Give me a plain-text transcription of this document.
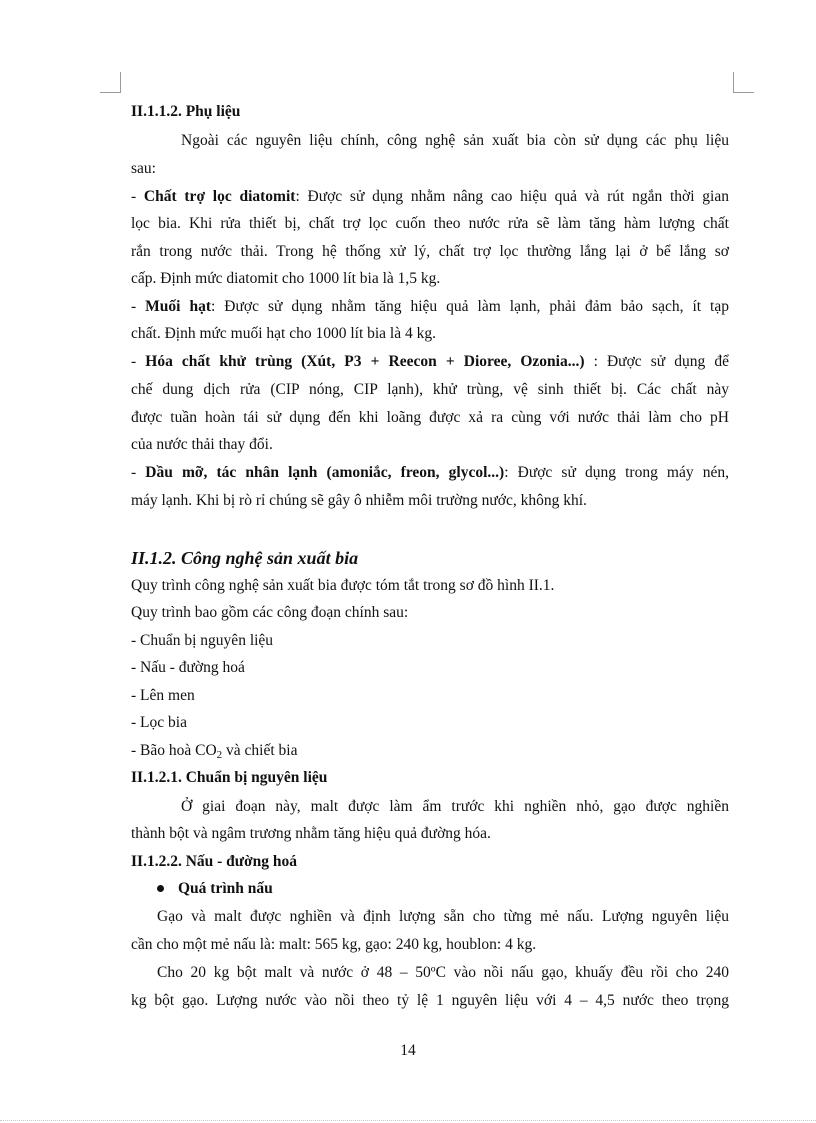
II.1.1.2. Phụ liệu
Ngoài các nguyên liệu chính, công nghệ sản xuất bia còn sử dụng các phụ liệu
sau:
- Chất trợ lọc diatomit: Được sử dụng nhằm nâng cao hiệu quả và rút ngắn thời gian
lọc bia. Khi rửa thiết bị, chất trợ lọc cuốn theo nước rửa sẽ làm tăng hàm lượng chất
rắn trong nước thải. Trong hệ thống xử lý, chất trợ lọc thường lắng lại ở bể lắng sơ
cấp. Định mức diatomit cho 1000 lít bia là 1,5 kg.
- Muối hạt: Được sử dụng nhằm tăng hiệu quả làm lạnh, phải đảm bảo sạch, ít tạp
chất. Định mức muối hạt cho 1000 lít bia là 4 kg.
- Hóa chất khử trùng (Xút, P3 + Reecon + Dioree, Ozonia...) : Được sử dụng để
chế dung dịch rửa (CIP nóng, CIP lạnh), khử trùng, vệ sinh thiết bị. Các chất này
được tuần hoàn tái sử dụng đến khi loãng được xả ra cùng với nước thải làm cho pH
của nước thải thay đổi.
- Dầu mỡ, tác nhân lạnh (amoniắc, freon, glycol...): Được sử dụng trong máy nén,
máy lạnh. Khi bị rò rỉ chúng sẽ gây ô nhiễm môi trường nước, không khí.
II.1.2. Công nghệ sản xuất bia
Quy trình công nghệ sản xuất bia được tóm tắt trong sơ đồ hình II.1.
Quy trình bao gồm các công đoạn chính sau:
- Chuẩn bị nguyên liệu
- Nấu - đường hoá
- Lên men
- Lọc bia
- Bão hoà $CO_2$ và chiết bia
II.1.2.1. Chuẩn bị nguyên liệu
Ở giai đoạn này, malt được làm ẩm trước khi nghiền nhỏ, gạo được nghiền
thành bột và ngâm trương nhằm tăng hiệu quả đường hóa.
II.1.2.2. Nấu - đường hoá
Quá trình nấu
Gạo và malt được nghiền và định lượng sẵn cho từng mẻ nấu. Lượng nguyên liệu
cần cho một mẻ nấu là: malt: 565 kg, gạo: 240 kg, houblon: 4 kg.
Cho 20 kg bột malt và nước ở 48 – 50ºC vào nồi nấu gạo, khuấy đều rồi cho 240
kg bột gạo. Lượng nước vào nồi theo tỷ lệ 1 nguyên liệu với 4 – 4,5 nước theo trọng
14
